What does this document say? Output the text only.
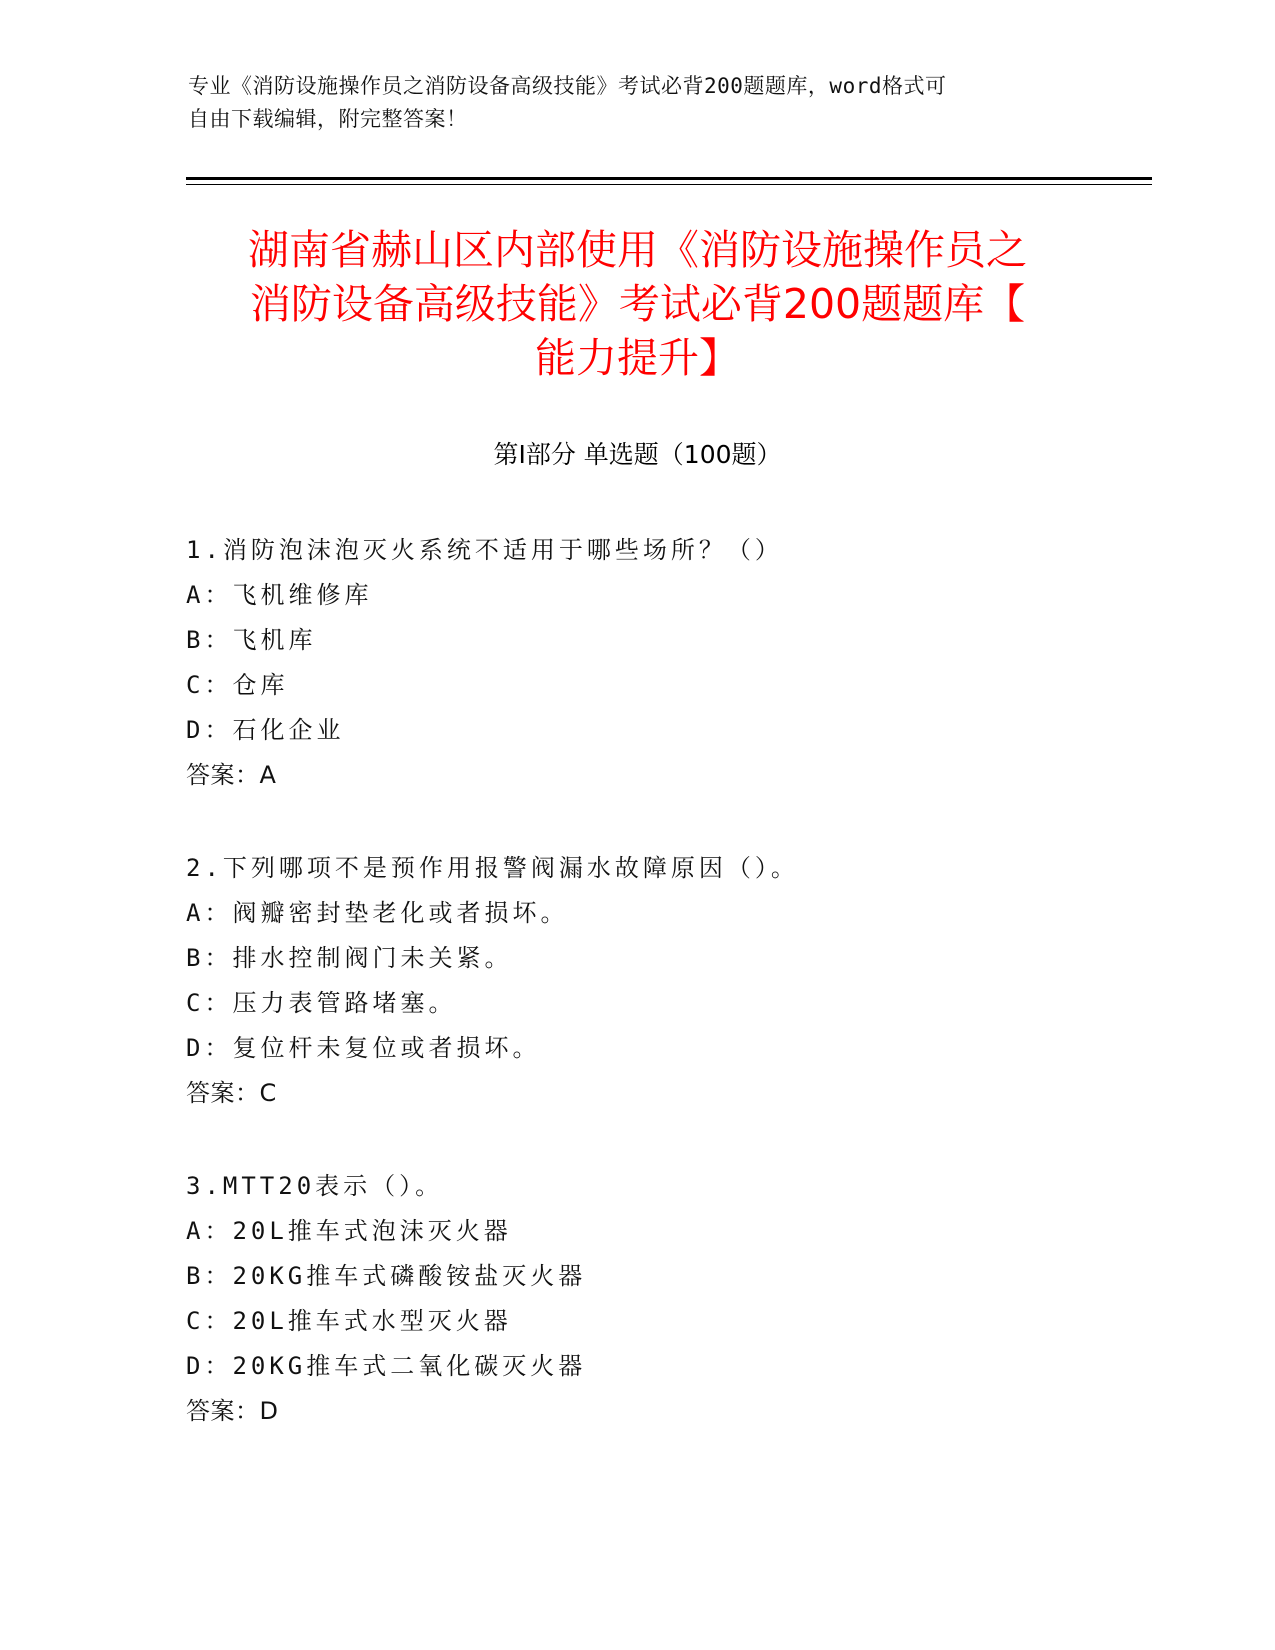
专业《消防设施操作员之消防设备高级技能》考试必背200题题库，word格式可
自由下载编辑，附完整答案！
湖南省赫山区内部使用《消防设施操作员之
消防设备高级技能》考试必背200题题库【
能力提升】
第I部分 单选题（100题）
1.消防泡沫泡灭火系统不适用于哪些场所？（）
A：飞机维修库
B：飞机库
C：仓库
D：石化企业
答案：A
2.下列哪项不是预作用报警阀漏水故障原因（）。
A：阀瓣密封垫老化或者损坏。
B：排水控制阀门未关紧。
C：压力表管路堵塞。
D：复位杆未复位或者损坏。
答案：C
3.MTT20表示（）。
A：20L推车式泡沫灭火器
B：20KG推车式磷酸铵盐灭火器
C：20L推车式水型灭火器
D：20KG推车式二氧化碳灭火器
答案：D
